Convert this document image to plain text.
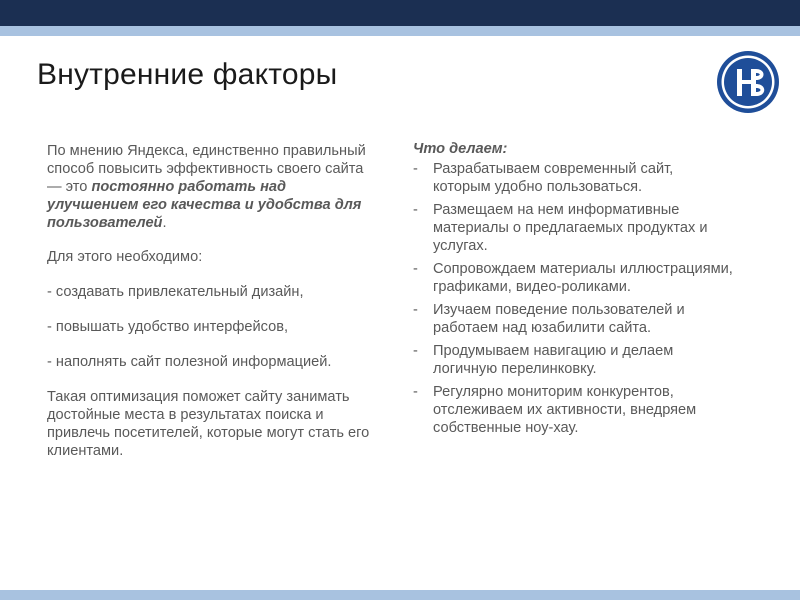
Внутренние факторы

По мнению Яндекса, единственно правильный способ повысить эффективность своего сайта — это постоянно работать над улучшением его качества и удобства для пользователей.

Для этого необходимо:

- создавать привлекательный дизайн,

- повышать удобство интерфейсов,

- наполнять сайт полезной информацией.

Такая оптимизация поможет сайту занимать достойные места в результатах поиска и привлечь посетителей, которые могут стать его клиентами.

Что делаем:

- Разрабатываем современный сайт, которым удобно пользоваться.
- Размещаем на нем информативные материалы о предлагаемых продуктах и услугах.
- Сопровождаем материалы иллюстрациями, графиками, видео-роликами.
- Изучаем поведение пользователей и работаем над юзабилити сайта.
- Продумываем навигацию и делаем логичную перелинковку.
- Регулярно мониторим конкурентов, отслеживаем их активности, внедряем собственные ноу-хау.
